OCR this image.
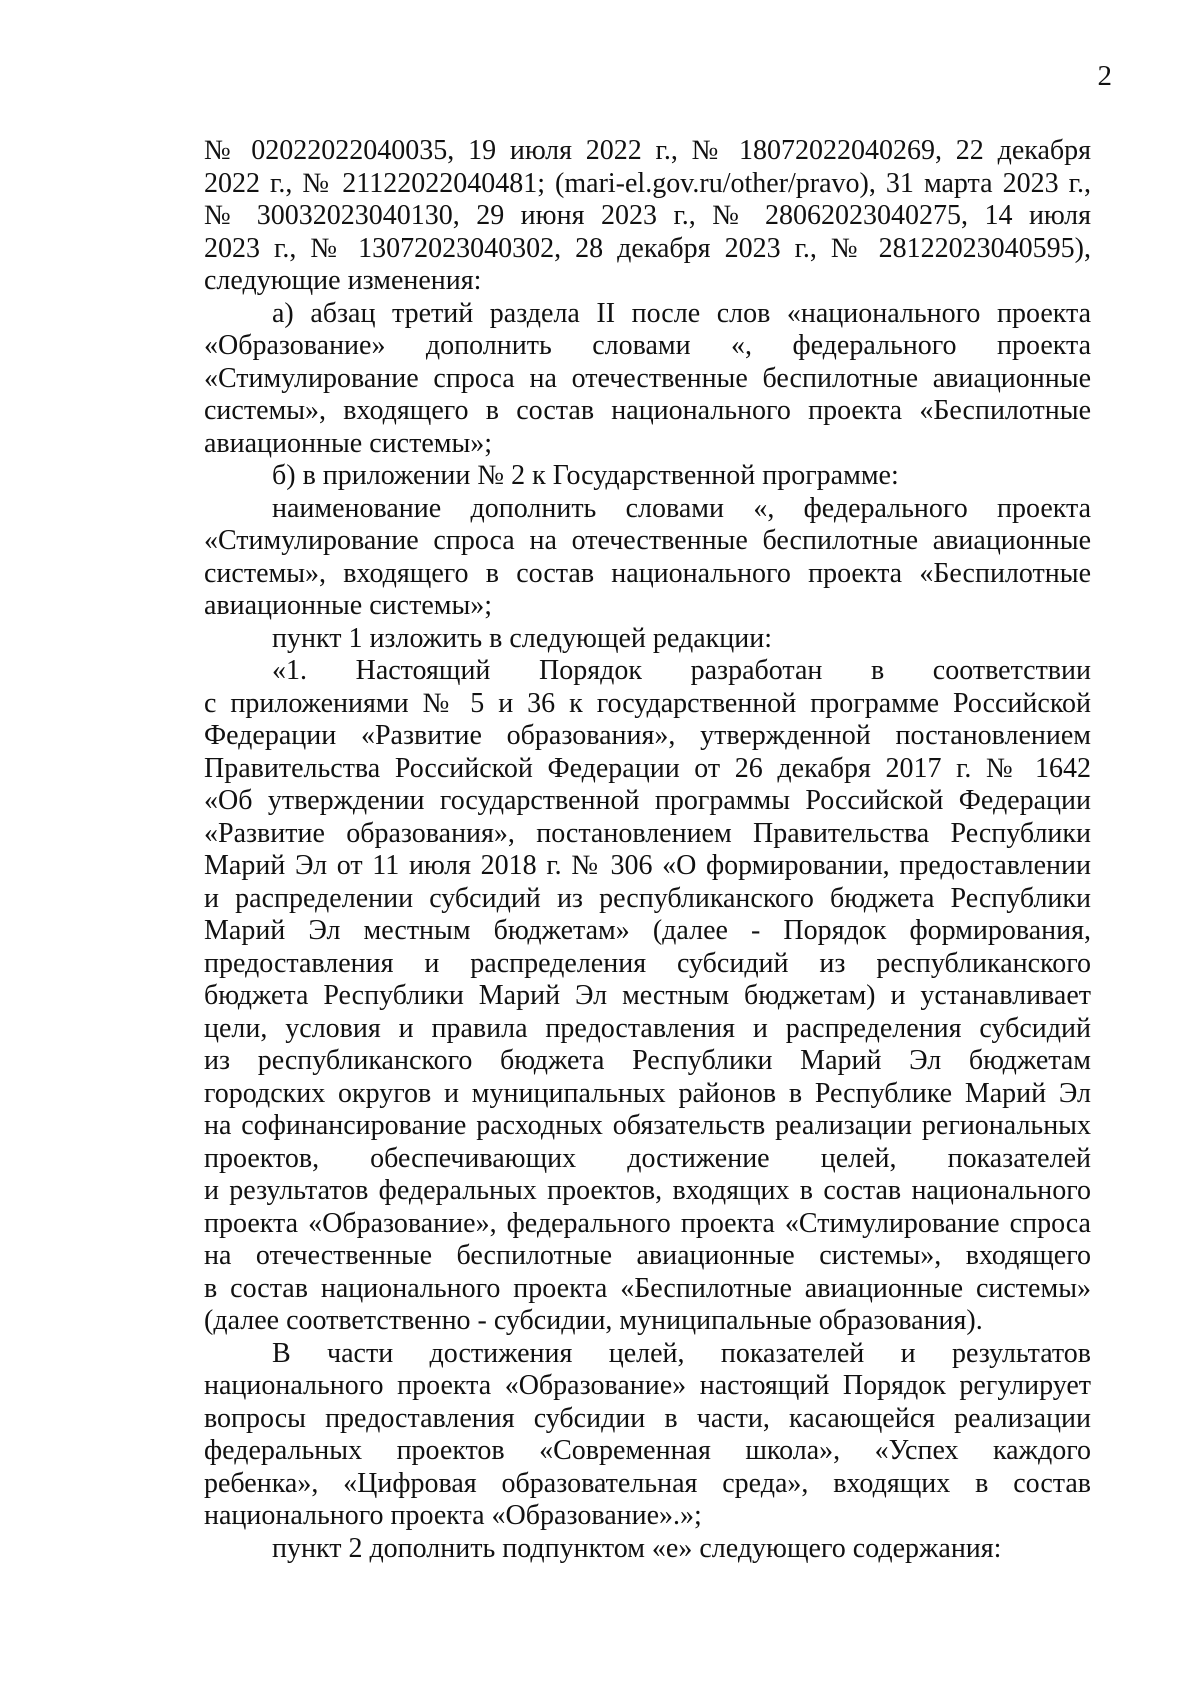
2
№ 02022022040035, 19 июля 2022 г., № 18072022040269, 22 декабря
2022 г., № 21122022040481; (mari-el.gov.ru/other/pravo), 31 марта 2023 г.,
№ 30032023040130, 29 июня 2023 г., № 28062023040275, 14 июля
2023 г., № 13072023040302, 28 декабря 2023 г., № 28122023040595),
следующие изменения:
а) абзац третий раздела II после слов «национального проекта
«Образование» дополнить словами «, федерального проекта
«Стимулирование спроса на отечественные беспилотные авиационные
системы», входящего в состав национального проекта «Беспилотные
авиационные системы»;
б) в приложении № 2 к Государственной программе:
наименование дополнить словами «, федерального проекта
«Стимулирование спроса на отечественные беспилотные авиационные
системы», входящего в состав национального проекта «Беспилотные
авиационные системы»;
пункт 1 изложить в следующей редакции:
«1. Настоящий Порядок разработан в соответствии
с приложениями № 5 и 36 к государственной программе Российской
Федерации «Развитие образования», утвержденной постановлением
Правительства Российской Федерации от 26 декабря 2017 г. № 1642
«Об утверждении государственной программы Российской Федерации
«Развитие образования», постановлением Правительства Республики
Марий Эл от 11 июля 2018 г. № 306 «О формировании, предоставлении
и распределении субсидий из республиканского бюджета Республики
Марий Эл местным бюджетам» (далее - Порядок формирования,
предоставления и распределения субсидий из республиканского
бюджета Республики Марий Эл местным бюджетам) и устанавливает
цели, условия и правила предоставления и распределения субсидий
из республиканского бюджета Республики Марий Эл бюджетам
городских округов и муниципальных районов в Республике Марий Эл
на софинансирование расходных обязательств реализации региональных
проектов, обеспечивающих достижение целей, показателей
и результатов федеральных проектов, входящих в состав национального
проекта «Образование», федерального проекта «Стимулирование спроса
на отечественные беспилотные авиационные системы», входящего
в состав национального проекта «Беспилотные авиационные системы»
(далее соответственно - субсидии, муниципальные образования).
В части достижения целей, показателей и результатов
национального проекта «Образование» настоящий Порядок регулирует
вопросы предоставления субсидии в части, касающейся реализации
федеральных проектов «Современная школа», «Успех каждого
ребенка», «Цифровая образовательная среда», входящих в состав
национального проекта «Образование».»;
пункт 2 дополнить подпунктом «е» следующего содержания:
